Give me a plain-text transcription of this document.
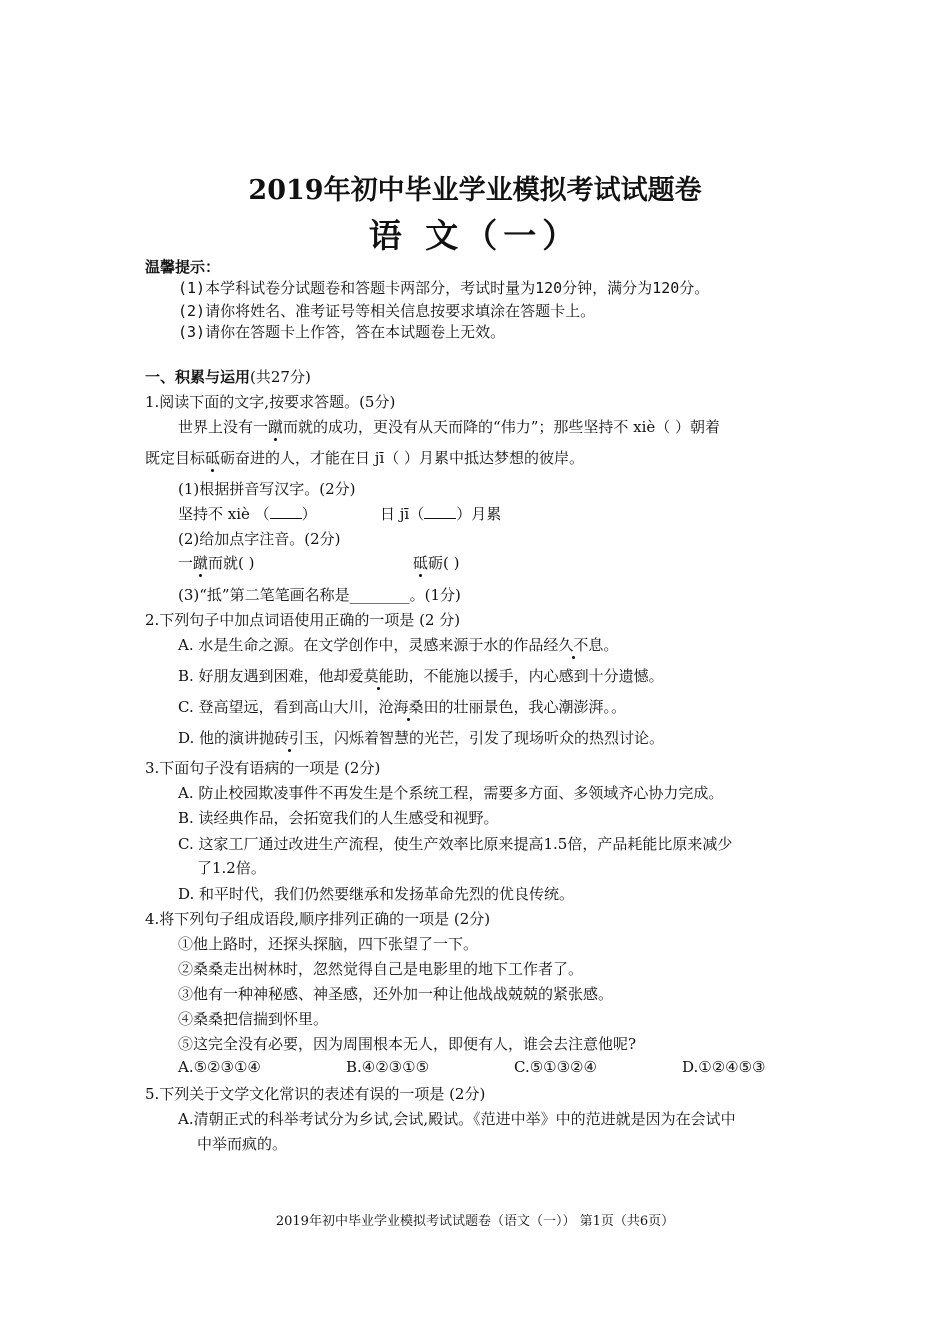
2019年初中毕业学业模拟考试试题卷
语 文（一）
温馨提示：
(1)本学科试卷分试题卷和答题卡两部分，考试时量为120分钟，满分为120分。
(2)请你将姓名、准考证号等相关信息按要求填涂在答题卡上。
(3)请你在答题卡上作答，答在本试题卷上无效。
一、积累与运用(共27分)
1.阅读下面的文字,按要求答题。(5分)
世界上没有一蹴而就的成功，更没有从天而降的“伟力”；那些坚持不 xiè（ ）朝着
既定目标砥砺奋进的人，才能在日 jī（ ）月累中抵达梦想的彼岸。
(1)根据拼音写汉字。(2分)
坚持不 xiè （ ）	日 jī（ ）月累
(2)给加点字注音。(2分)
一蹴而就( )	砥砺( )
(3)“抵”第二笔笔画名称是________。(1分)
2.下列句子中加点词语使用正确的一项是 (2 分)
A. 水是生命之源。在文学创作中，灵感来源于水的作品经久不息。
B. 好朋友遇到困难，他却爱莫能助，不能施以援手，内心感到十分遗憾。
C. 登高望远，看到高山大川，沧海桑田的壮丽景色，我心潮澎湃。。
D. 他的演讲抛砖引玉，闪烁着智慧的光芒，引发了现场听众的热烈讨论。
3.下面句子没有语病的一项是 (2分)
A. 防止校园欺凌事件不再发生是个系统工程，需要多方面、多领域齐心协力完成。
B. 读经典作品，会拓宽我们的人生感受和视野。
C. 这家工厂通过改进生产流程，使生产效率比原来提高1.5倍，产品耗能比原来减少
了1.2倍。
D. 和平时代，我们仍然要继承和发扬革命先烈的优良传统。
4.将下列句子组成语段,顺序排列正确的一项是 (2分)
①他上路时，还探头探脑，四下张望了一下。
②桑桑走出树林时，忽然觉得自己是电影里的地下工作者了。
③他有一种神秘感、神圣感，还外加一种让他战战兢兢的紧张感。
④桑桑把信揣到怀里。
⑤这完全没有必要，因为周围根本无人，即便有人，谁会去注意他呢?
A.⑤②③①④	B.④②③①⑤	C.⑤①③②④	D.①②④⑤③
5.下列关于文学文化常识的表述有误的一项是 (2分)
A.清朝正式的科举考试分为乡试,会试,殿试。《范进中举》中的范进就是因为在会试中
中举而疯的。
2019年初中毕业学业模拟考试试题卷（语文（一）） 第1页（共6页）
